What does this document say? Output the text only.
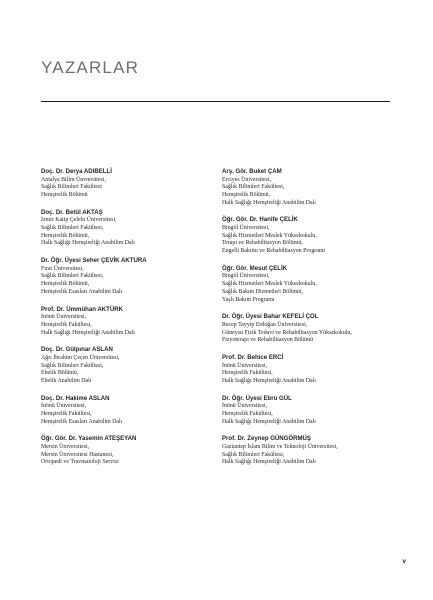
YAZARLAR
Doç. Dr. Derya ADIBELLİ
Antalya Bilim Üniversitesi,
Sağlık Bilimleri Fakültesi
Hemşirelik Bölümü
Doç. Dr. Betül AKTAŞ
İzmir Katip Çelebi Üniversitesi,
Sağlık Bilimleri Fakültesi,
Hemşirelik Bölümü,
Halk Sağlığı Hemşireliği Anabilim Dalı
Dr. Öğr. Üyesi Seher ÇEVİK AKTURA
Fırat Üniversitesi,
Sağlık Bilimleri Fakültesi,
Hemşirelik Bölümü,
Hemşirelik Esasları Anabilim Dalı
Prof. Dr. Ümmühan AKTÜRK
İnönü Üniversitesi,
Hemşirelik Fakültesi,
Halk Sağlığı Hemşireliği Anabilim Dalı
Doç. Dr. Gülpınar ASLAN
Ağrı İbrahim Çeçen Üniversitesi,
Sağlık Bilimleri Fakültesi,
Ebelik Bölümü,
Ebelik Anabilim Dalı
Doç. Dr. Hakime ASLAN
İnönü Üniversitesi,
Hemşirelik Fakültesi,
Hemşirelik Esasları Anabilim Dalı
Öğr. Gör. Dr. Yasemin ATEŞEYAN
Mersin Üniversitesi,
Mersin Üniversitesi Hastanesi,
Ortopedi ve Travmatoloji Servisi
Arş. Gör. Buket ÇAM
Erciyes Üniversitesi,
Sağlık Bilimleri Fakültesi,
Hemşirelik Bölümü,
Halk Sağlığı Hemşireliği Anabilim Dalı
Öğr. Gör. Dr. Hanife ÇELİK
Bingöl Üniversitesi,
Sağlık Hizmetleri Meslek Yüksekokulu,
Terapi ve Rehabilitasyon Bölümü,
Engelli Bakımı ve Rehabilitasyon Programı
Öğr. Gör. Mesut ÇELİK
Bingöl Üniversitesi,
Sağlık Hizmetleri Meslek Yüksekokulu,
Sağlık Bakım Hizmetleri Bölümü,
Yaşlı Bakım Programı
Dr. Öğr. Üyesi Bahar KEFELİ ÇOL
Recep Tayyip Erdoğan Üniversitesi,
Güneysu Fizik Tedavi ve Rehabilitasyon Yüksekokulu,
Fizyoterapi ve Rehabilitasyon Bölümü
Prof. Dr. Behice ERCİ
İnönü Üniversitesi,
Hemşirelik Fakültesi,
Halk Sağlığı Hemşireliği Anabilim Dalı
Dr. Öğr. Üyesi Ebru GÜL
İnönü Üniversitesi,
Hemşirelik Fakültesi,
Halk Sağlığı Hemşireliği Anabilim Dalı
Prof. Dr. Zeynep GÜNGÖRMÜŞ
Gaziantep İslam Bilim ve Teknoloji Üniversitesi,
Sağlık Bilimleri Fakültesi,
Halk Sağlığı Hemşireliği Anabilim Dalı
v
